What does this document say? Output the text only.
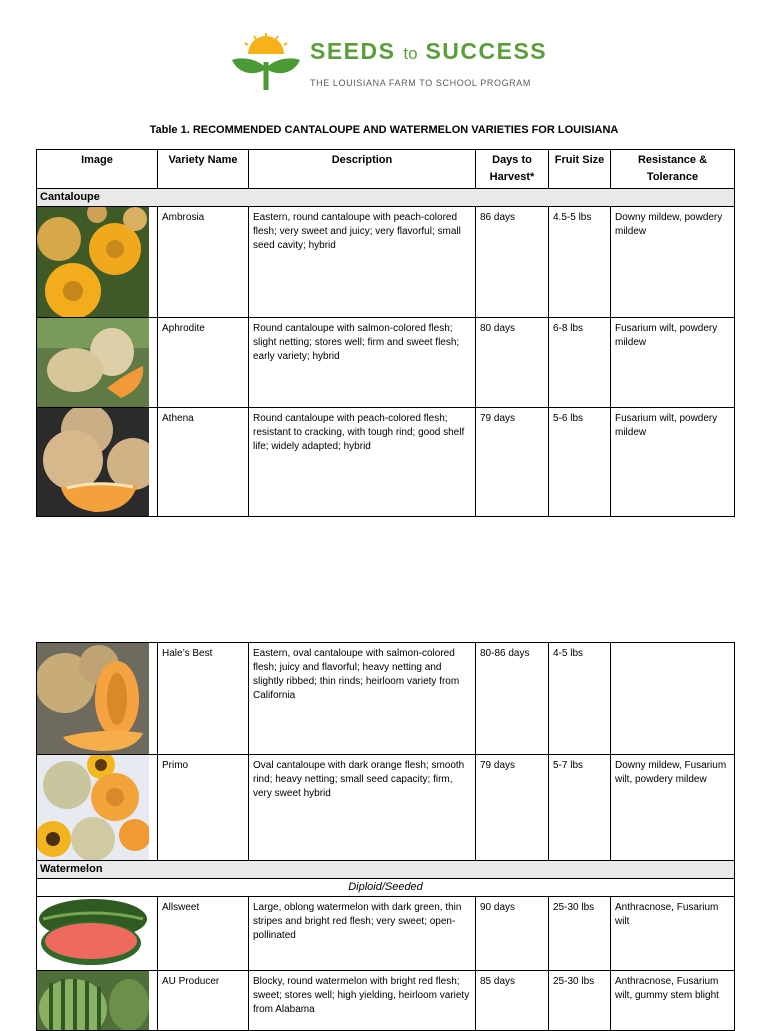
SEEDS to SUCCESS
THE LOUISIANA FARM TO SCHOOL PROGRAM
Table 1. RECOMMENDED CANTALOUPE AND WATERMELON VARIETIES FOR LOUISIANA
Image	Variety Name	Description	Days to Harvest*	Fruit Size	Resistance & Tolerance
Cantaloupe					

	Ambrosia	Eastern, round cantaloupe with peach-colored flesh; very sweet and juicy; very flavorful; small seed cavity; hybrid	86 days	4.5-5 lbs	Downy mildew, powdery mildew

	Aphrodite	Round cantaloupe with salmon-colored flesh; slight netting; stores well; firm and sweet flesh; early variety; hybrid	80 days	6-8 lbs	Fusarium wilt, powdery mildew

	Athena	Round cantaloupe with peach-colored flesh; resistant to cracking, with tough rind; good shelf life; widely adapted; hybrid	79 days	5-6 lbs	Fusarium wilt, powdery mildew
	Hale’s Best	Eastern, oval cantaloupe with salmon-colored flesh; juicy and flavorful; heavy netting and slightly ribbed; thin rinds; heirloom variety from California	80-86 days	4-5 lbs	

	Primo	Oval cantaloupe with dark orange flesh; smooth rind; heavy netting; small seed capacity; firm, very sweet hybrid	79 days	5-7 lbs	Downy mildew, Fusarium wilt, powdery mildew
Watermelon					
Diploid/Seeded					

	Allsweet	Large, oblong watermelon with dark green, thin stripes and bright red flesh; very sweet; open-pollinated	90 days	25-30 lbs	Anthracnose, Fusarium wilt

	AU Producer	Blocky, round watermelon with bright red flesh; sweet; stores well; high yielding, heirloom variety from Alabama	85 days	25-30 lbs	Anthracnose, Fusarium wilt, gummy stem blight
